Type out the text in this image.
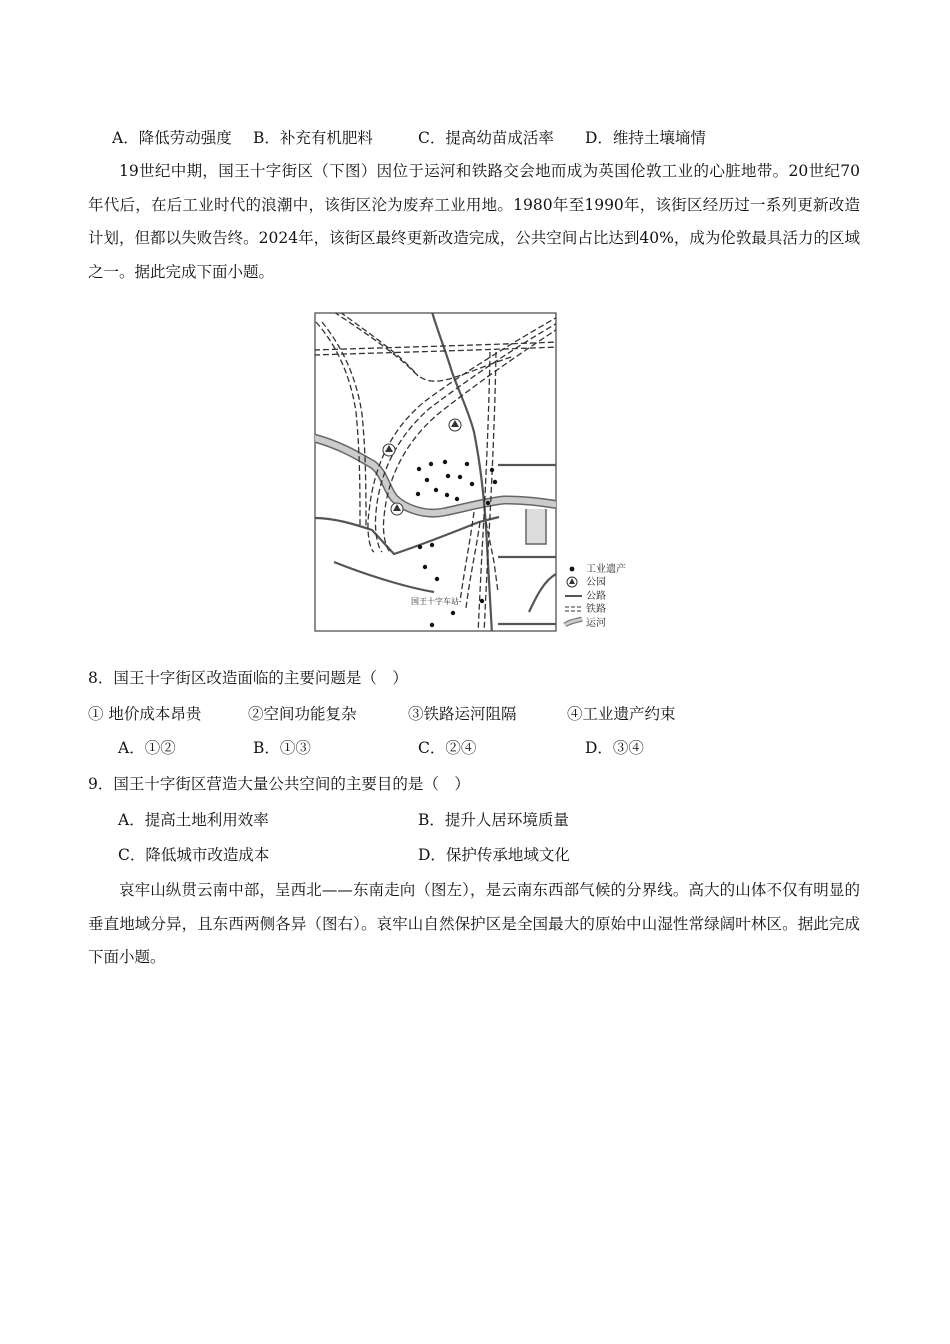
A．降低劳动强度 B．补充有机肥料	C．提高幼苗成活率 D．维持土壤墒情
19世纪中期，国王十字街区（下图）因位于运河和铁路交会地而成为英国伦敦工业的心脏地带。20世纪70年代后，在后工业时代的浪潮中，该街区沦为废弃工业用地。1980年至1990年，该街区经历过一系列更新改造计划，但都以失败告终。2024年，该街区最终更新改造完成，公共空间占比达到40%，成为伦敦最具活力的区域之一。据此完成下面小题。
国王十字车站
工业遗产
公园
公路
铁路
运河
8．国王十字街区改造面临的主要问题是（　）
① 地价成本昂贵	②空间功能复杂	③铁路运河阻隔	④工业遗产约束
A．①②	B．①③	C．②④	D．③④
9．国王十字街区营造大量公共空间的主要目的是（　）
A．提高土地利用效率	B．提升人居环境质量
C．降低城市改造成本	D．保护传承地域文化
哀牢山纵贯云南中部，呈西北——东南走向（图左），是云南东西部气候的分界线。高大的山体不仅有明显的垂直地域分异，且东西两侧各异（图右）。哀牢山自然保护区是全国最大的原始中山湿性常绿阔叶林区。据此完成下面小题。
